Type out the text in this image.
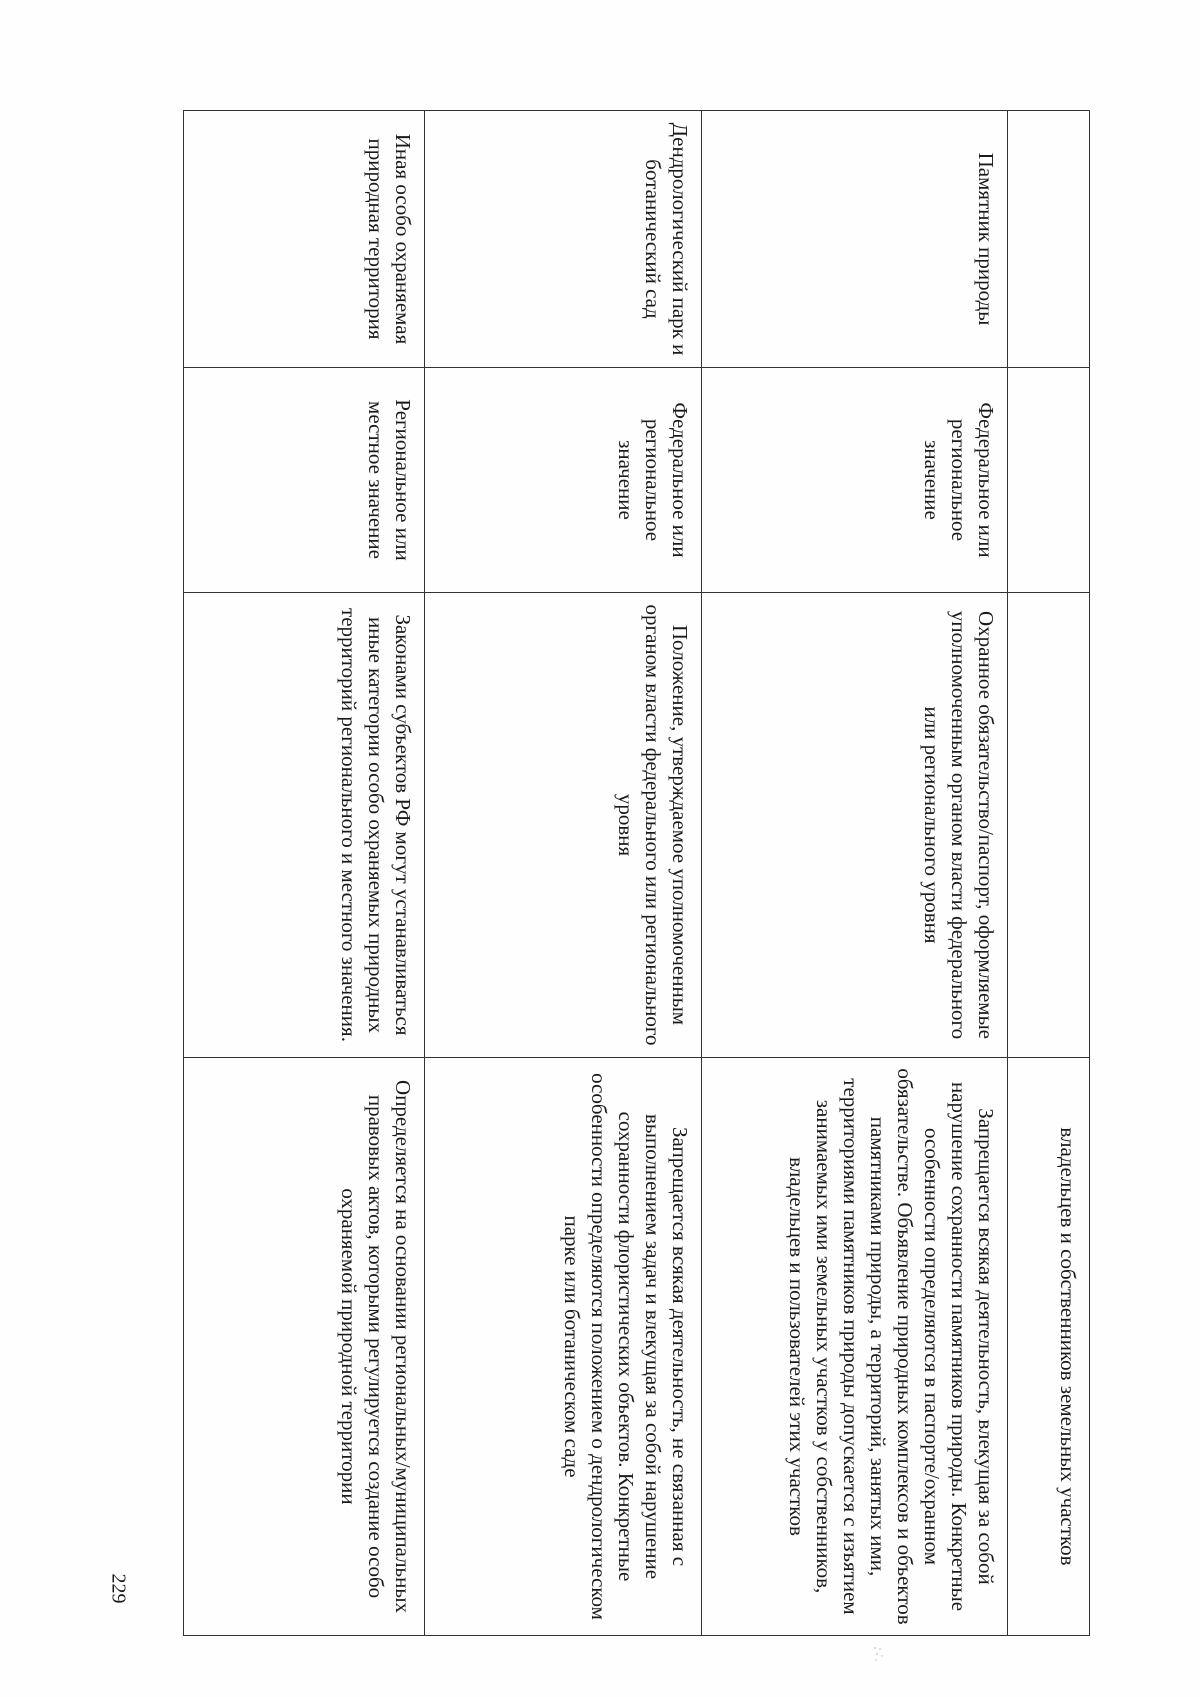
229
			владельцев и собственников земельных участков
Памятник природы	Федеральное или региональное значение	Охранное обязательство/паспорт, оформляемые уполномоченным органом власти федерального или регионального уровня	Запрещается всякая деятельность, влекущая за собой нарушение сохранности памятников природы. Конкретные особенности определяются в паспорте/охранном обязательстве. Объявление природных комплексов и объектов памятниками природы, а территорий, занятых ими, территориями памятников природы допускается с изъятием занимаемых ими земельных участков у собственников, владельцев и пользователей этих участков
Дендрологический парк и ботанический сад	Федеральное или региональное значение	Положение, утверждаемое уполномоченным органом власти федерального или регионального уровня	Запрещается всякая деятельность, не связанная с выполнением задач и влекущая за собой нарушение сохранности флористических объектов. Конкретные особенности определяются положением о дендрологическом парке или ботаническом саде
Иная особо охраняемая природная территория	Региональное или местное значение	Законами субъектов РФ могут устанавливаться иные категории особо охраняемых природных территорий регионального и местного значения.	Определяется на основании региональных/муниципальных правовых актов, которыми регулируется создание особо охраняемой природной территории
